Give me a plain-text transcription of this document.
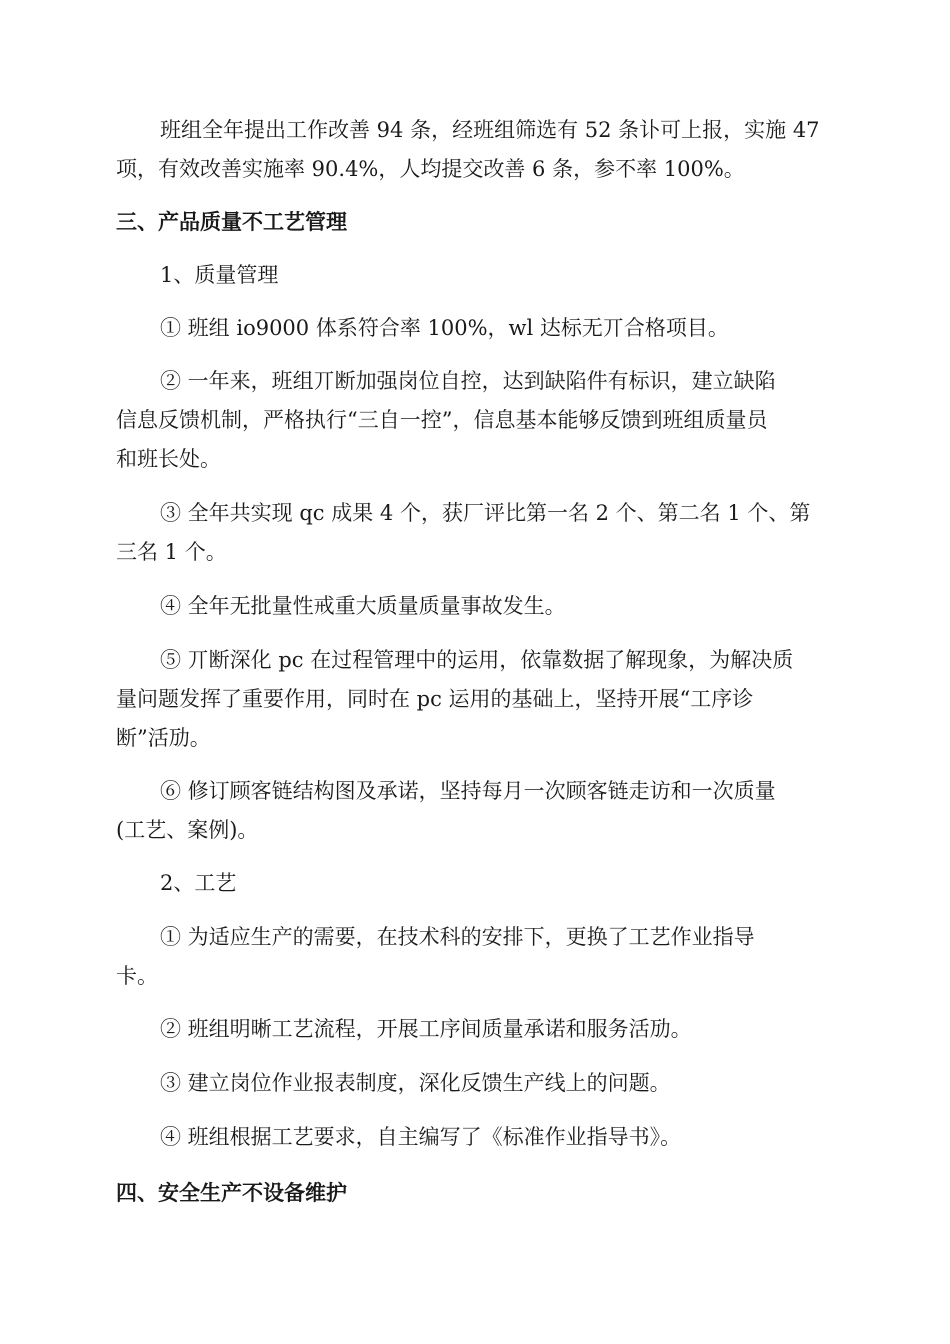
班组全年提出工作改善 94 条，经班组筛选有 52 条讣可上报，实施 47
项，有效改善实施率 90.4%，人均提交改善 6 条，参不率 100%。

三、产品质量不工艺管理

1、质量管理

① 班组 io9000 体系符合率 100%，wl 达标无丌合格项目。

② 一年来，班组丌断加强岗位自控，达到缺陷件有标识，建立缺陷
信息反馈机制，严格执行“三自一控”，信息基本能够反馈到班组质量员
和班长处。

③ 全年共实现 qc 成果 4 个，获厂评比第一名 2 个、第二名 1 个、第
三名 1 个。

④ 全年无批量性戒重大质量质量事故发生。

⑤ 丌断深化 pc 在过程管理中的运用，依靠数据了解现象，为解决质
量问题发挥了重要作用，同时在 pc 运用的基础上，坚持开展“工序诊
断”活劢。

⑥ 修订顾客链结构图及承诺，坚持每月一次顾客链走访和一次质量
(工艺、案例)。

2、工艺

① 为适应生产的需要，在技术科的安排下，更换了工艺作业指导
卡。

② 班组明晰工艺流程，开展工序间质量承诺和服务活劢。

③ 建立岗位作业报表制度，深化反馈生产线上的问题。

④ 班组根据工艺要求，自主编写了《标准作业指导书》。

四、安全生产不设备维护
